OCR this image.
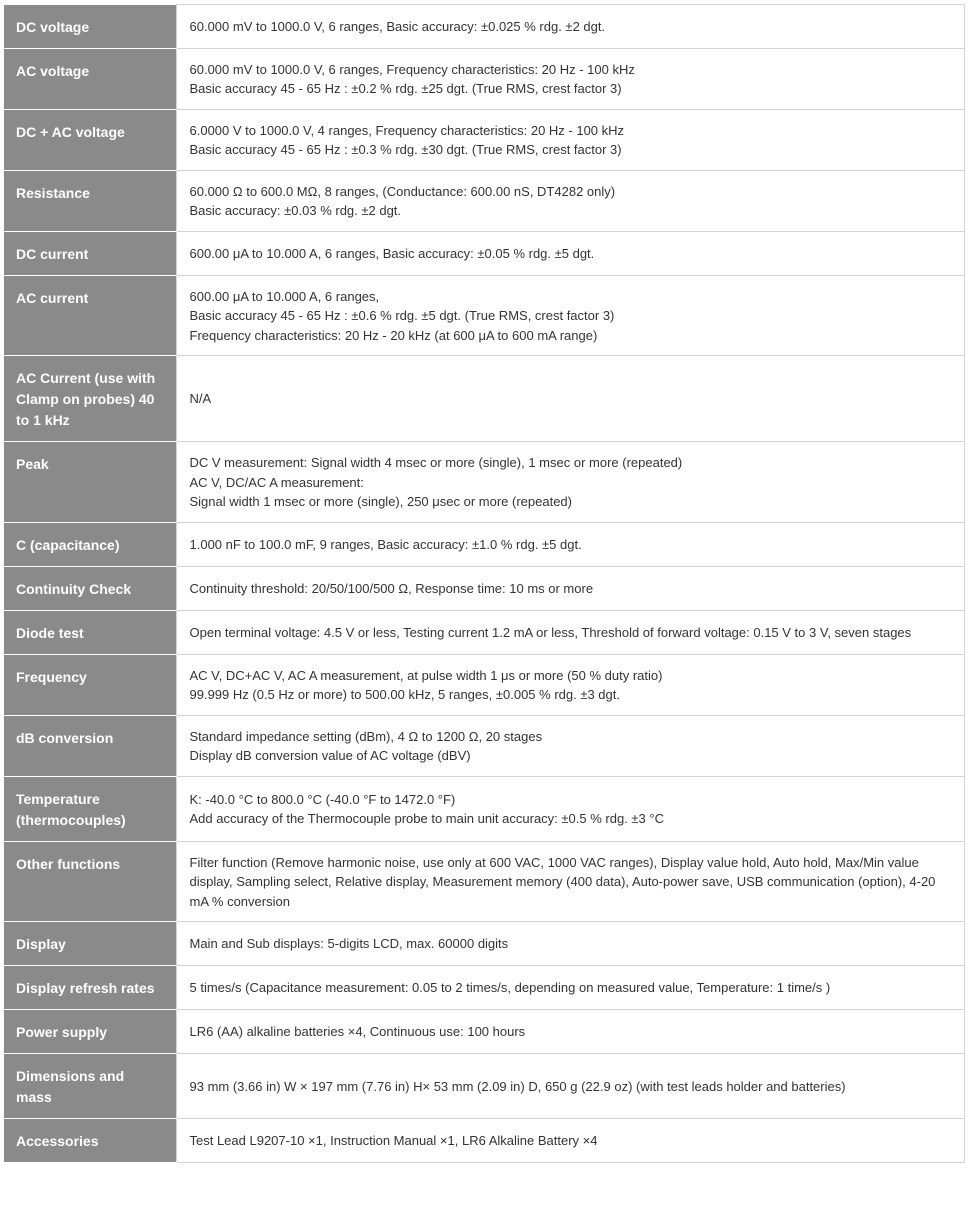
DC voltage	60.000 mV to 1000.0 V, 6 ranges, Basic accuracy: ±0.025 % rdg. ±2 dgt.

AC voltage	60.000 mV to 1000.0 V, 6 ranges, Frequency characteristics: 20 Hz - 100 kHz
Basic accuracy 45 - 65 Hz : ±0.2 % rdg. ±25 dgt. (True RMS, crest factor 3)

DC + AC voltage	6.0000 V to 1000.0 V, 4 ranges, Frequency characteristics: 20 Hz - 100 kHz
Basic accuracy 45 - 65 Hz : ±0.3 % rdg. ±30 dgt. (True RMS, crest factor 3)

Resistance	60.000 Ω to 600.0 MΩ, 8 ranges, (Conductance: 600.00 nS, DT4282 only)
Basic accuracy: ±0.03 % rdg. ±2 dgt.

DC current	600.00 μA to 10.000 A, 6 ranges, Basic accuracy: ±0.05 % rdg. ±5 dgt.

AC current	600.00 μA to 10.000 A, 6 ranges,
Basic accuracy 45 - 65 Hz : ±0.6 % rdg. ±5 dgt. (True RMS, crest factor 3)
Frequency characteristics: 20 Hz - 20 kHz (at 600 μA to 600 mA range)

AC Current (use with Clamp on probes) 40 to 1 kHz	N/A

Peak	DC V measurement: Signal width 4 msec or more (single), 1 msec or more (repeated)
AC V, DC/AC A measurement:
Signal width 1 msec or more (single), 250 μsec or more (repeated)

C (capacitance)	1.000 nF to 100.0 mF, 9 ranges, Basic accuracy: ±1.0 % rdg. ±5 dgt.

Continuity Check	Continuity threshold: 20/50/100/500 Ω, Response time: 10 ms or more

Diode test	Open terminal voltage: 4.5 V or less, Testing current 1.2 mA or less, Threshold of forward voltage: 0.15 V to 3 V, seven stages

Frequency	AC V, DC+AC V, AC A measurement, at pulse width 1 μs or more (50 % duty ratio)
99.999 Hz (0.5 Hz or more) to 500.00 kHz, 5 ranges, ±0.005 % rdg. ±3 dgt.

dB conversion	Standard impedance setting (dBm), 4 Ω to 1200 Ω, 20 stages
Display dB conversion value of AC voltage (dBV)

Temperature (thermocouples)	K: -40.0 °C to 800.0 °C (-40.0 °F to 1472.0 °F)
Add accuracy of the Thermocouple probe to main unit accuracy: ±0.5 % rdg. ±3 °C

Other functions	Filter function (Remove harmonic noise, use only at 600 VAC, 1000 VAC ranges), Display value hold, Auto hold, Max/Min value display, Sampling select, Relative display, Measurement memory (400 data), Auto-power save, USB communication (option), 4-20 mA % conversion

Display	Main and Sub displays: 5-digits LCD, max. 60000 digits

Display refresh rates	5 times/s (Capacitance measurement: 0.05 to 2 times/s, depending on measured value, Temperature: 1 time/s )

Power supply	LR6 (AA) alkaline batteries ×4, Continuous use: 100 hours

Dimensions and mass	93 mm (3.66 in) W × 197 mm (7.76 in) H× 53 mm (2.09 in) D, 650 g (22.9 oz) (with test leads holder and batteries)

Accessories	Test Lead L9207-10 ×1, Instruction Manual ×1, LR6 Alkaline Battery ×4
